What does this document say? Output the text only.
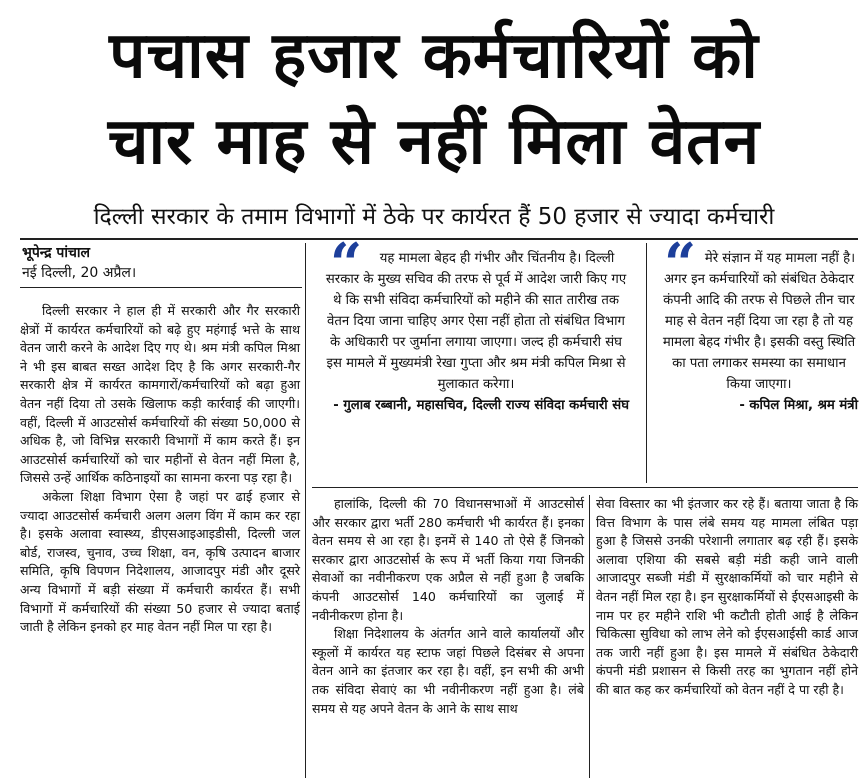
पचास हजार कर्मचारियों को
चार माह से नहीं मिला वेतन
दिल्ली सरकार के तमाम विभागों में ठेके पर कार्यरत हैं 50 हजार से ज्यादा कर्मचारी
भूपेन्द्र पांचाल
नई दिल्ली, 20 अप्रैल।	“	यह मामला बेहद ही गंभीर और चिंतनीय है। दिल्ली सरकार के मुख्य सचिव की तरफ से पूर्व में आदेश जारी किए गए थे कि सभी संविदा कर्मचारियों को महीने की सात तारीख तक वेतन दिया जाना चाहिए अगर ऐसा नहीं होता तो संबंधित विभाग के अधिकारी पर जुर्माना लगाया जाएगा। जल्द ही कर्मचारी संघ इस मामले में मुख्यमंत्री रेखा गुप्ता और श्रम मंत्री कपिल मिश्रा से मुलाकात करेगा।
- गुलाब रब्बानी, महासचिव, दिल्ली राज्य संविदा कर्मचारी संघ
“ मेरे संज्ञान में यह मामला नहीं है। अगर इन कर्मचारियों को संबंधित ठेकेदार कंपनी आदि की तरफ से पिछले तीन चार माह से वेतन नहीं दिया जा रहा है तो यह मामला बेहद गंभीर है। इसकी वस्तु स्थिति का पता लगाकर समस्या का समाधान किया जाएगा।
- कपिल मिश्रा, श्रम मंत्री

दिल्ली सरकार ने हाल ही में सरकारी और गैर सरकारी क्षेत्रों में कार्यरत कर्मचारियों को बढ़े हुए महंगाई भत्ते के साथ वेतन जारी करने के आदेश दिए गए थे। श्रम मंत्री कपिल मिश्रा ने भी इस बाबत सख्त आदेश दिए है कि अगर सरकारी-गैर सरकारी क्षेत्र में कार्यरत कामगारों/कर्मचारियों को बढ़ा हुआ वेतन नहीं दिया तो उसके खिलाफ कड़ी कार्रवाई की जाएगी। वहीं, दिल्ली में आउटसोर्स कर्मचारियों की संख्या 50,000 से अधिक है, जो विभिन्न सरकारी विभागों में काम करते हैं। इन आउटसोर्स कर्मचारियों को चार महीनों से वेतन नहीं मिला है, जिससे उन्हें आर्थिक कठिनाइयों का सामना करना पड़ रहा है।

अकेला शिक्षा विभाग ऐसा है जहां पर ढाई हजार से ज्यादा आउटसोर्स कर्मचारी अलग अलग विंग में काम कर रहा है। इसके अलावा स्वास्थ्य, डीएसआइआइडीसी, दिल्ली जल बोर्ड, राजस्व, चुनाव, उच्च शिक्षा, वन, कृषि उत्पादन बाजार समिति, कृषि विपणन निदेशालय, आजादपुर मंडी और दूसरे अन्य विभागों में बड़ी संख्या में कर्मचारी कार्यरत हैं। सभी विभागों में कर्मचारियों की संख्या 50 हजार से ज्यादा बताई जाती है लेकिन इनको हर माह वेतन नहीं मिल पा रहा है।

हालांकि, दिल्ली की 70 विधानसभाओं में आउटसोर्स और सरकार द्वारा भर्ती 280 कर्मचारी भी कार्यरत हैं। इनका वेतन समय से आ रहा है। इनमें से 140 तो ऐसे हैं जिनको सरकार द्वारा आउटसोर्स के रूप में भर्ती किया गया जिनकी सेवाओं का नवीनीकरण एक अप्रैल से नहीं हुआ है जबकि कंपनी आउटसोर्स 140 कर्मचारियों का जुलाई में नवीनीकरण होना है।

शिक्षा निदेशालय के अंतर्गत आने वाले कार्यालयों और स्कूलों में कार्यरत यह स्टाफ जहां पिछले दिसंबर से अपना वेतन आने का इंतजार कर रहा है। वहीं, इन सभी की अभी तक संविदा सेवाएं का भी नवीनीकरण नहीं हुआ है। लंबे समय से यह अपने वेतन के आने के साथ साथ

सेवा विस्तार का भी इंतजार कर रहे हैं। बताया जाता है कि वित्त विभाग के पास लंबे समय यह मामला लंबित पड़ा हुआ है जिससे उनकी परेशानी लगातार बढ़ रही हैं। इसके अलावा एशिया की सबसे बड़ी मंडी कही जाने वाली आजादपुर सब्जी मंडी में सुरक्षाकर्मियों को चार महीने से वेतन नहीं मिल रहा है। इन सुरक्षाकर्मियों से ईएसआइसी के नाम पर हर महीने राशि भी कटौती होती आई है लेकिन चिकित्सा सुविधा को लाभ लेने को ईएसआईसी कार्ड आज तक जारी नहीं हुआ है। इस मामले में संबंधित ठेकेदारी कंपनी मंडी प्रशासन से किसी तरह का भुगतान नहीं होने की बात कह कर कर्मचारियों को वेतन नहीं दे पा रही है।
